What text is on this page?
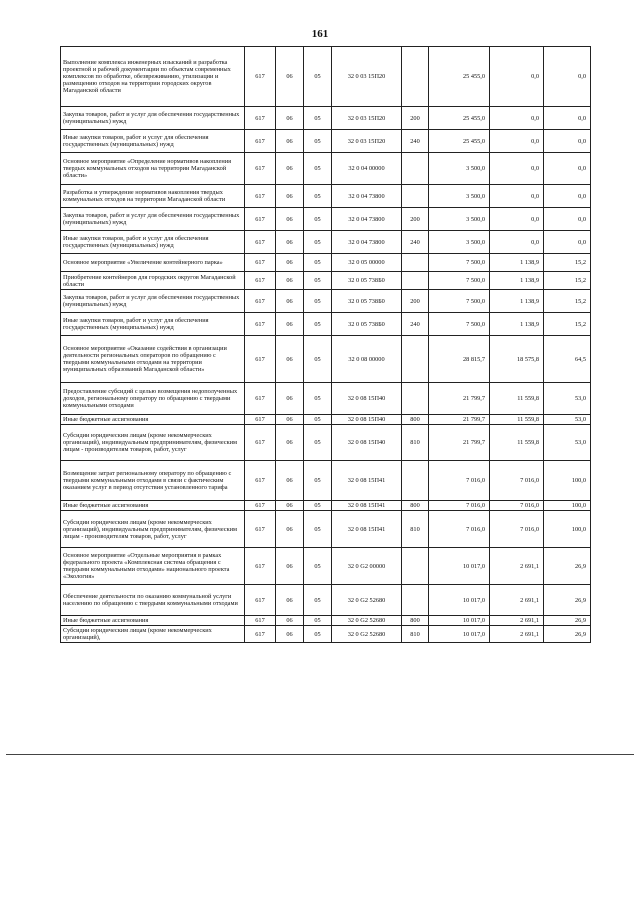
161
Выполнение комплекса инженерных изысканий и разработка проектной и рабочей документации по объектам современных комплексов по обработке, обезвреживанию, утилизации и размещению отходов на территории городских округов Магаданской области	617	06	05	32 0 03 15П20		25 455,0	0,0	0,0
Закупка товаров, работ и услуг для обеспечения государственных (муниципальных) нужд	617	06	05	32 0 03 15П20	200	25 455,0	0,0	0,0
Иные закупки товаров, работ и услуг для обеспечения государственных (муниципальных) нужд	617	06	05	32 0 03 15П20	240	25 455,0	0,0	0,0
Основное мероприятие «Определение нормативов накопления твердых коммунальных отходов на территории Магаданской области»	617	06	05	32 0 04 00000		3 500,0	0,0	0,0
Разработка и утверждение нормативов накопления твердых коммунальных отходов на территории Магаданской области	617	06	05	32 0 04 73800		3 500,0	0,0	0,0
Закупка товаров, работ и услуг для обеспечения государственных (муниципальных) нужд	617	06	05	32 0 04 73800	200	3 500,0	0,0	0,0
Иные закупки товаров, работ и услуг для обеспечения государственных (муниципальных) нужд	617	06	05	32 0 04 73800	240	3 500,0	0,0	0,0
Основное мероприятие «Увеличение контейнерного парка»	617	06	05	32 0 05 00000		7 500,0	1 138,9	15,2
Приобретение контейнеров для городских округов Магаданской области	617	06	05	32 0 05 738Б0		7 500,0	1 138,9	15,2
Закупка товаров, работ и услуг для обеспечения государственных (муниципальных) нужд	617	06	05	32 0 05 738Б0	200	7 500,0	1 138,9	15,2
Иные закупки товаров, работ и услуг для обеспечения государственных (муниципальных) нужд	617	06	05	32 0 05 738Б0	240	7 500,0	1 138,9	15,2
Основное мероприятие «Оказание содействия в организации деятельности региональных операторов по обращению с твердыми коммунальными отходами на территории муниципальных образований Магаданской области»	617	06	05	32 0 08 00000		28 815,7	18 575,8	64,5
Предоставление субсидий с целью возмещения недополученных доходов, региональному оператору по обращению с твердыми коммунальными отходами	617	06	05	32 0 08 15П40		21 799,7	11 559,8	53,0
Иные бюджетные ассигнования	617	06	05	32 0 08 15П40	800	21 799,7	11 559,8	53,0
Субсидии юридическим лицам (кроме некоммерческих организаций), индивидуальным предпринимателям, физическим лицам - производителям товаров, работ, услуг	617	06	05	32 0 08 15П40	810	21 799,7	11 559,8	53,0
Возмещение затрат региональному оператору по обращению с твердыми коммунальными отходами в связи с фактическим оказанием услуг в период отсутствия установленного тарифа	617	06	05	32 0 08 15П41		7 016,0	7 016,0	100,0
Иные бюджетные ассигнования	617	06	05	32 0 08 15П41	800	7 016,0	7 016,0	100,0
Субсидии юридическим лицам (кроме некоммерческих организаций), индивидуальным предпринимателям, физическим лицам - производителям товаров, работ, услуг	617	06	05	32 0 08 15П41	810	7 016,0	7 016,0	100,0
Основное мероприятие «Отдельные мероприятия в рамках федерального проекта «Комплексная система обращения с твердыми коммунальными отходами» национального проекта «Экология»	617	06	05	32 0 G2 00000		10 017,0	2 691,1	26,9
Обеспечение деятельности по оказанию коммунальной услуги населению по обращению с твердыми коммунальными отходами	617	06	05	32 0 G2 52680		10 017,0	2 691,1	26,9
Иные бюджетные ассигнования	617	06	05	32 0 G2 52680	800	10 017,0	2 691,1	26,9
Субсидии юридическим лицам (кроме некоммерческих организаций),	617	06	05	32 0 G2 52680	810	10 017,0	2 691,1	26,9
